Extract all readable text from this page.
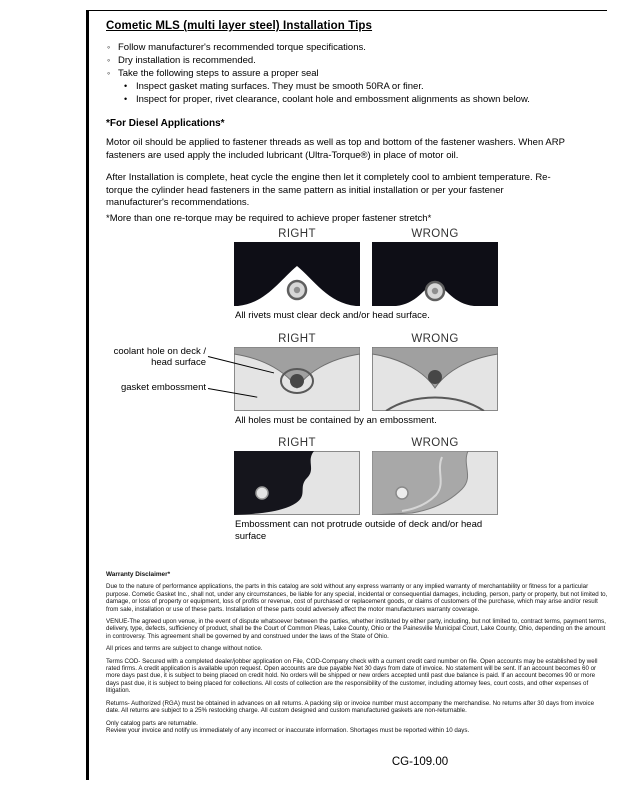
Cometic MLS (multi layer steel) Installation Tips
◦ Follow manufacturer's recommended torque specifications.
◦ Dry installation is recommended.
◦ Take the following steps to assure a proper seal
• Inspect gasket mating surfaces. They must be smooth 50RA or finer.
• Inspect for proper, rivet clearance, coolant hole and embossment alignments as shown below.
*For Diesel Applications*
Motor oil should be applied to fastener threads as well as top and bottom of the fastener washers. When ARP fasteners are used apply the included lubricant (Ultra-Torque®) in place of motor oil.
After Installation is complete, heat cycle the engine then let it completely cool to ambient temperature. Re-torque the cylinder head fasteners in the same pattern as initial installation or per your fastener manufacturer's recommendations.
*More than one re-torque may be required to achieve proper fastener stretch*
RIGHT	WRONG
All rivets must clear deck and/or head surface.
RIGHT	WRONG
coolant hole on deck / head surface
gasket embossment
All holes must be contained by an embossment.
RIGHT	WRONG
Embossment can not protrude outside of deck and/or head surface
Warranty Disclaimer*

Due to the nature of performance applications, the parts in this catalog are sold without any express warranty or any implied warranty of merchantability or fitness for a particular purpose. Cometic Gasket Inc., shall not, under any circumstances, be liable for any special, incidental or consequential damages, including, person, party or property, but not limited to, damage, or loss of property or equipment, loss of profits or revenue, cost of purchased or replacement goods, or claims of customers of the purchase, which may arise and/or result from sale, installation or use of these parts. Installation of these parts could adversely affect the motor manufacturers warranty coverage.

VENUE-The agreed upon venue, in the event of dispute whatsoever between the parties, whether instituted by either party, including, but not limited to, contract terms, payment terms, delivery, type, defects, sufficiency of product, shall be the Court of Common Pleas, Lake County, Ohio or the Painesville Municipal Court, Lake County, Ohio, depending on the amount in controversy. This agreement shall be governed by and construed under the laws of the State of Ohio.

All prices and terms are subject to change without notice.

Terms COD- Secured with a completed dealer/jobber application on File, COD-Company check with a current credit card number on file. Open accounts may be established by well rated firms. A credit application is available upon request. Open accounts are due payable Net 30 days from date of invoice. No statement will be sent. If an account becomes 60 or more days past due, it is subject to being placed on credit hold. No orders will be shipped or new orders accepted until past due balance is paid. If an account becomes 90 or more days past due, it is subject to being placed for collections. All costs of collection are the responsibility of the customer, including attorney fees, court costs, and other expenses of litigation.

Returns- Authorized (RGA) must be obtained in advances on all returns. A packing slip or invoice number must accompany the merchandise. No returns after 30 days from invoice date. All returns are subject to a 25% restocking charge. All custom designed and custom manufactured gaskets are non-returnable.

Only catalog parts are returnable.

Review your invoice and notify us immediately of any incorrect or inaccurate information. Shortages must be reported within 10 days.

CG-109.00
